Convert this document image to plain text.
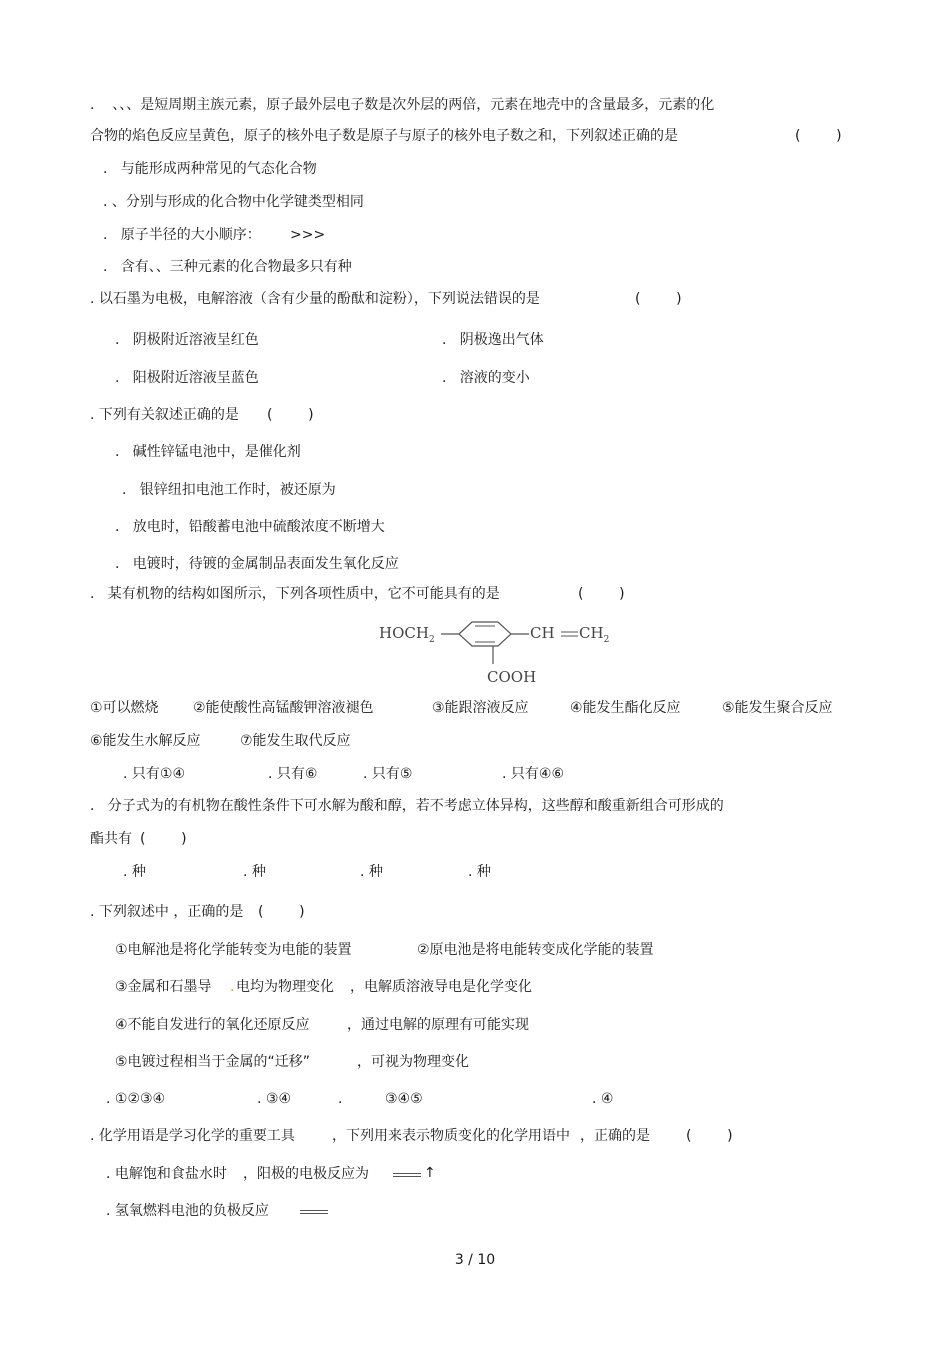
.    、、、是短周期主族元素，原子最外层电子数是次外层的两倍，元素在地壳中的含量最多，元素的化
合物的焰色反应呈黄色，原子的核外电子数是原子与原子的核外电子数之和，下列叙述正确的是	(        )
.   与能形成两种常见的气态化合物
. 、分别与形成的化合物中化学键类型相同
.   原子半径的大小顺序： >>>
.   含有、、三种元素的化合物最多只有种
. 以石墨为电极，电解溶液（含有少量的酚酞和淀粉），下列说法错误的是	(        )
.   阴极附近溶液呈红色	.   阴极逸出气体
.   阳极附近溶液呈蓝色	.   溶液的变小
. 下列有关叙述正确的是 (        )
.   碱性锌锰电池中，是催化剂
.   银锌纽扣电池工作时，被还原为
.   放电时，铅酸蓄电池中硫酸浓度不断增大
.   电镀时，待镀的金属制品表面发生氧化反应
.   某有机物的结构如图所示，下列各项性质中，它不可能具有的是	(        )
$HOCH_2$	CH $CH_2$
COOH
①可以燃烧 ②能使酸性高锰酸钾溶液褪色	③能跟溶液反应	④能发生酯化反应	⑤能发生聚合反应
⑥能发生水解反应	⑦能发生取代反应
. 只有①④	. 只有⑥	. 只有⑤	. 只有④⑥
.   分子式为的有机物在酸性条件下可水解为酸和醇，若不考虑立体异构，这些醇和酸重新组合可形成的
酯共有 (        )
. 种	. 种	. 种	. 种
. 下列叙述中 ，正确的是 (        )
①电解池是将化学能转变为电能的装置	②原电池是将电能转变成化学能的装置
③金属和石墨导 . 电均为物理变化 ，电解质溶液导电是化学变化
④不能自发进行的氧化还原反应	，通过电解的原理有可能实现
⑤电镀过程相当于金属的“迁移”	，可视为物理变化
. ①②③④	. ③④	.	③④⑤	. ④
. 化学用语是学习化学的重要工具	，下列用来表示物质变化的化学用语中 ，正确的是	(        )
. 电解饱和食盐水时 ，阳极的电极反应为	↑
. 氢氧燃料电池的负极反应
3 / 10
